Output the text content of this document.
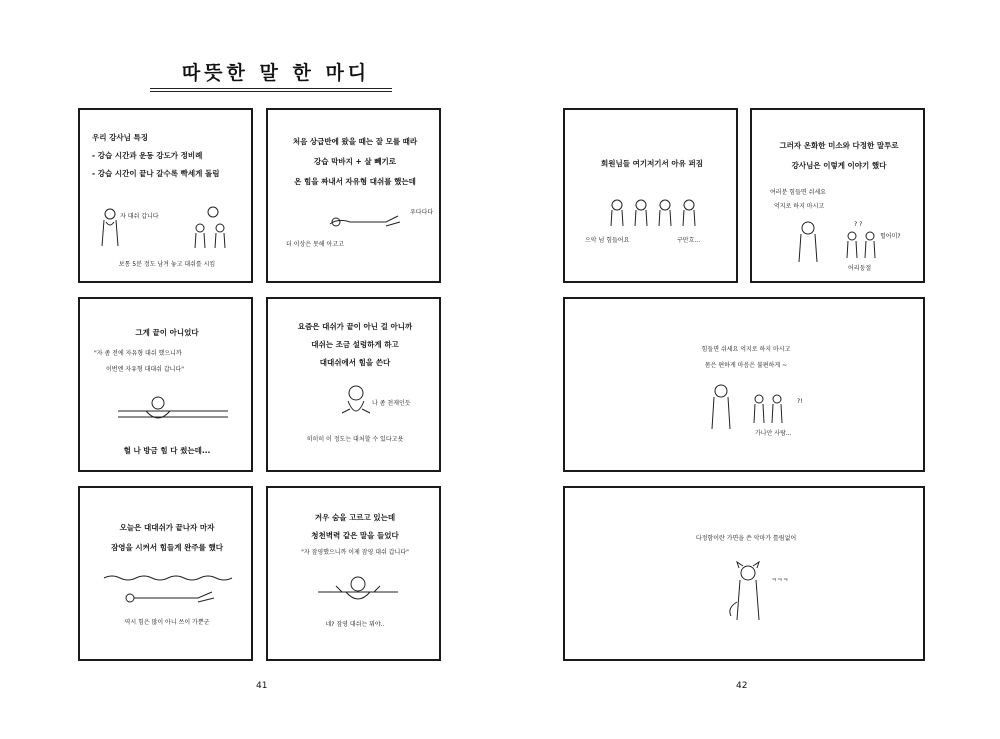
따뜻한 말 한 마디
우리 강사님 특징
- 강습 시간과 운동 강도가 정비례
- 강습 시간이 끝나 갈수록 빡세게 돌림
자 대쉬 갑니다
보통 5분 정도 남겨 놓고 대쉬를 시킴
처음 상급반에 왔을 때는 잘 모를 때라
강습 막바지 + 살 빼기로
온 힘을 짜내서 자유형 대쉬를 했는데
우다다다
더 이상은 못해 아고고
회원님들 여기저기서 아유 퍼짐
으악 넘 힘들어요	구만흐...
그러자 온화한 미소와 다정한 말투로
강사님은 이렇게 이야기 했다
여러분 힘들면 쉬세요
억지로 하지 마시고
? ?
헐어미?
어리둥절
그게 끝이 아니었다
"자 좀 전에 자유형 대쉬 했으니까
이번엔 자유형 대대쉬 갑니다"
헐 나 방금 힘 다 썼는데...
요즘은 대쉬가 끝이 아닌 걸 아니까
대쉬는 조금 설렁하게 하고
대대쉬에서 힘을 쓴다
나 좀 천재인듯
히히히 이 정도는 대처할 수 있다고욧
힘들면 쉬세요 억지로 하지 마시고
몸은 편하게 마음은 불편하게 ~
?!
가나안 사람...
오늘은 대대쉬가 끝나자 마자
잠영을 시켜서 힘들게 완주를 했다
역시 힘은 많이 아니 쓰이 가뿐군
겨우 숨을 고르고 있는데
청천벽력 같은 말을 들었다
"자 잠영했으니까 이제 잠영 대쉬 갑니다"
네? 잠영 대쉬는 뭐야..
다정함이란 가면을 쓴 악마가 틀림없어
ㅋㅋㅋ
41	42
